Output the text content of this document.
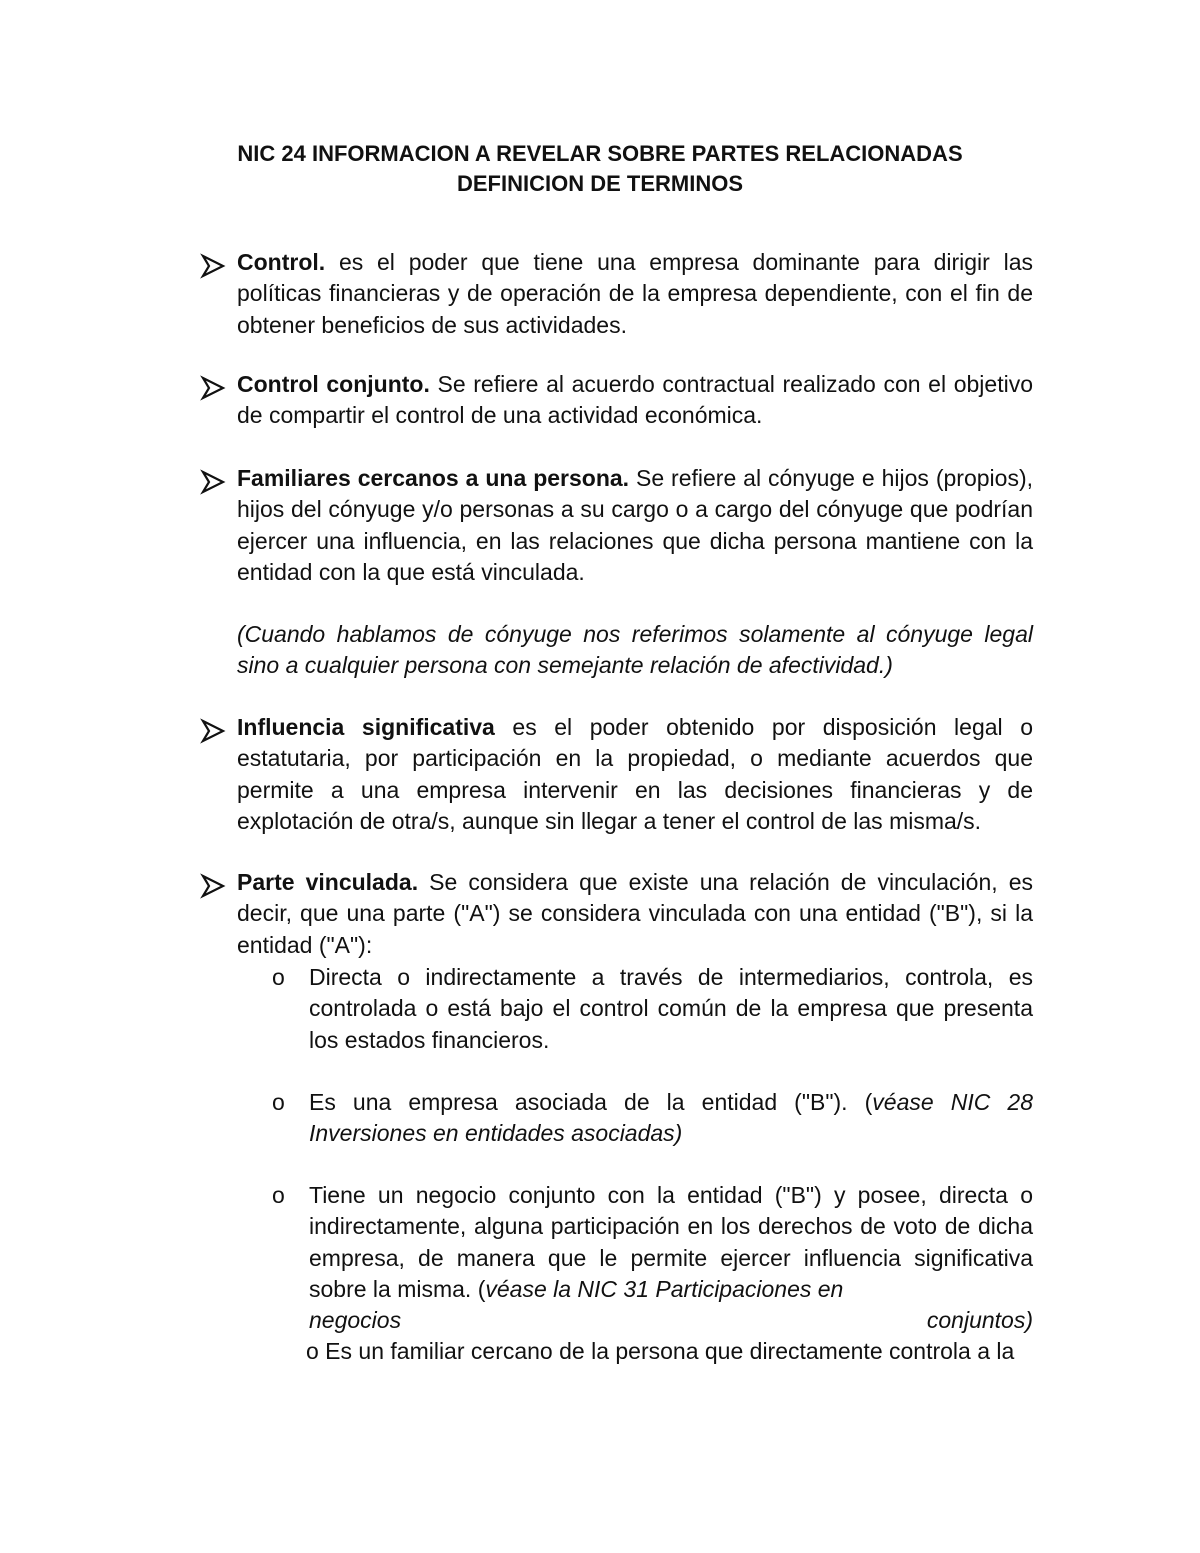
NIC 24 INFORMACION A REVELAR SOBRE PARTES RELACIONADAS
DEFINICION DE TERMINOS

Control. es el poder que tiene una empresa dominante para dirigir las políticas financieras y de operación de la empresa dependiente, con el fin de obtener beneficios de sus actividades.

Control conjunto. Se refiere al acuerdo contractual realizado con el objetivo de compartir el control de una actividad económica.

Familiares cercanos a una persona. Se refiere al cónyuge e hijos (propios), hijos del cónyuge y/o personas a su cargo o a cargo del cónyuge que podrían ejercer una influencia, en las relaciones que dicha persona mantiene con la entidad con la que está vinculada.

(Cuando hablamos de cónyuge nos referimos solamente al cónyuge legal sino a cualquier persona con semejante relación de afectividad.)

Influencia significativa es el poder obtenido por disposición legal o estatutaria, por participación en la propiedad, o mediante acuerdos que permite a una empresa intervenir en las decisiones financieras y de explotación de otra/s, aunque sin llegar a tener el control de las misma/s.

Parte vinculada. Se considera que existe una relación de vinculación, es decir, que una parte ("A") se considera vinculada con una entidad ("B"), si la entidad ("A"):

o Directa o indirectamente a través de intermediarios, controla, es controlada o está bajo el control común de la empresa que presenta los estados financieros.

o Es una empresa asociada de la entidad ("B"). (véase NIC 28 Inversiones en entidades asociadas)

o Tiene un negocio conjunto con la entidad ("B") y posee, directa o indirectamente, alguna participación en los derechos de voto de dicha empresa, de manera que le permite ejercer influencia significativa sobre la misma. (véase la NIC 31 Participaciones en

negocios	conjuntos)

o Es un familiar cercano de la persona que directamente controla a la
